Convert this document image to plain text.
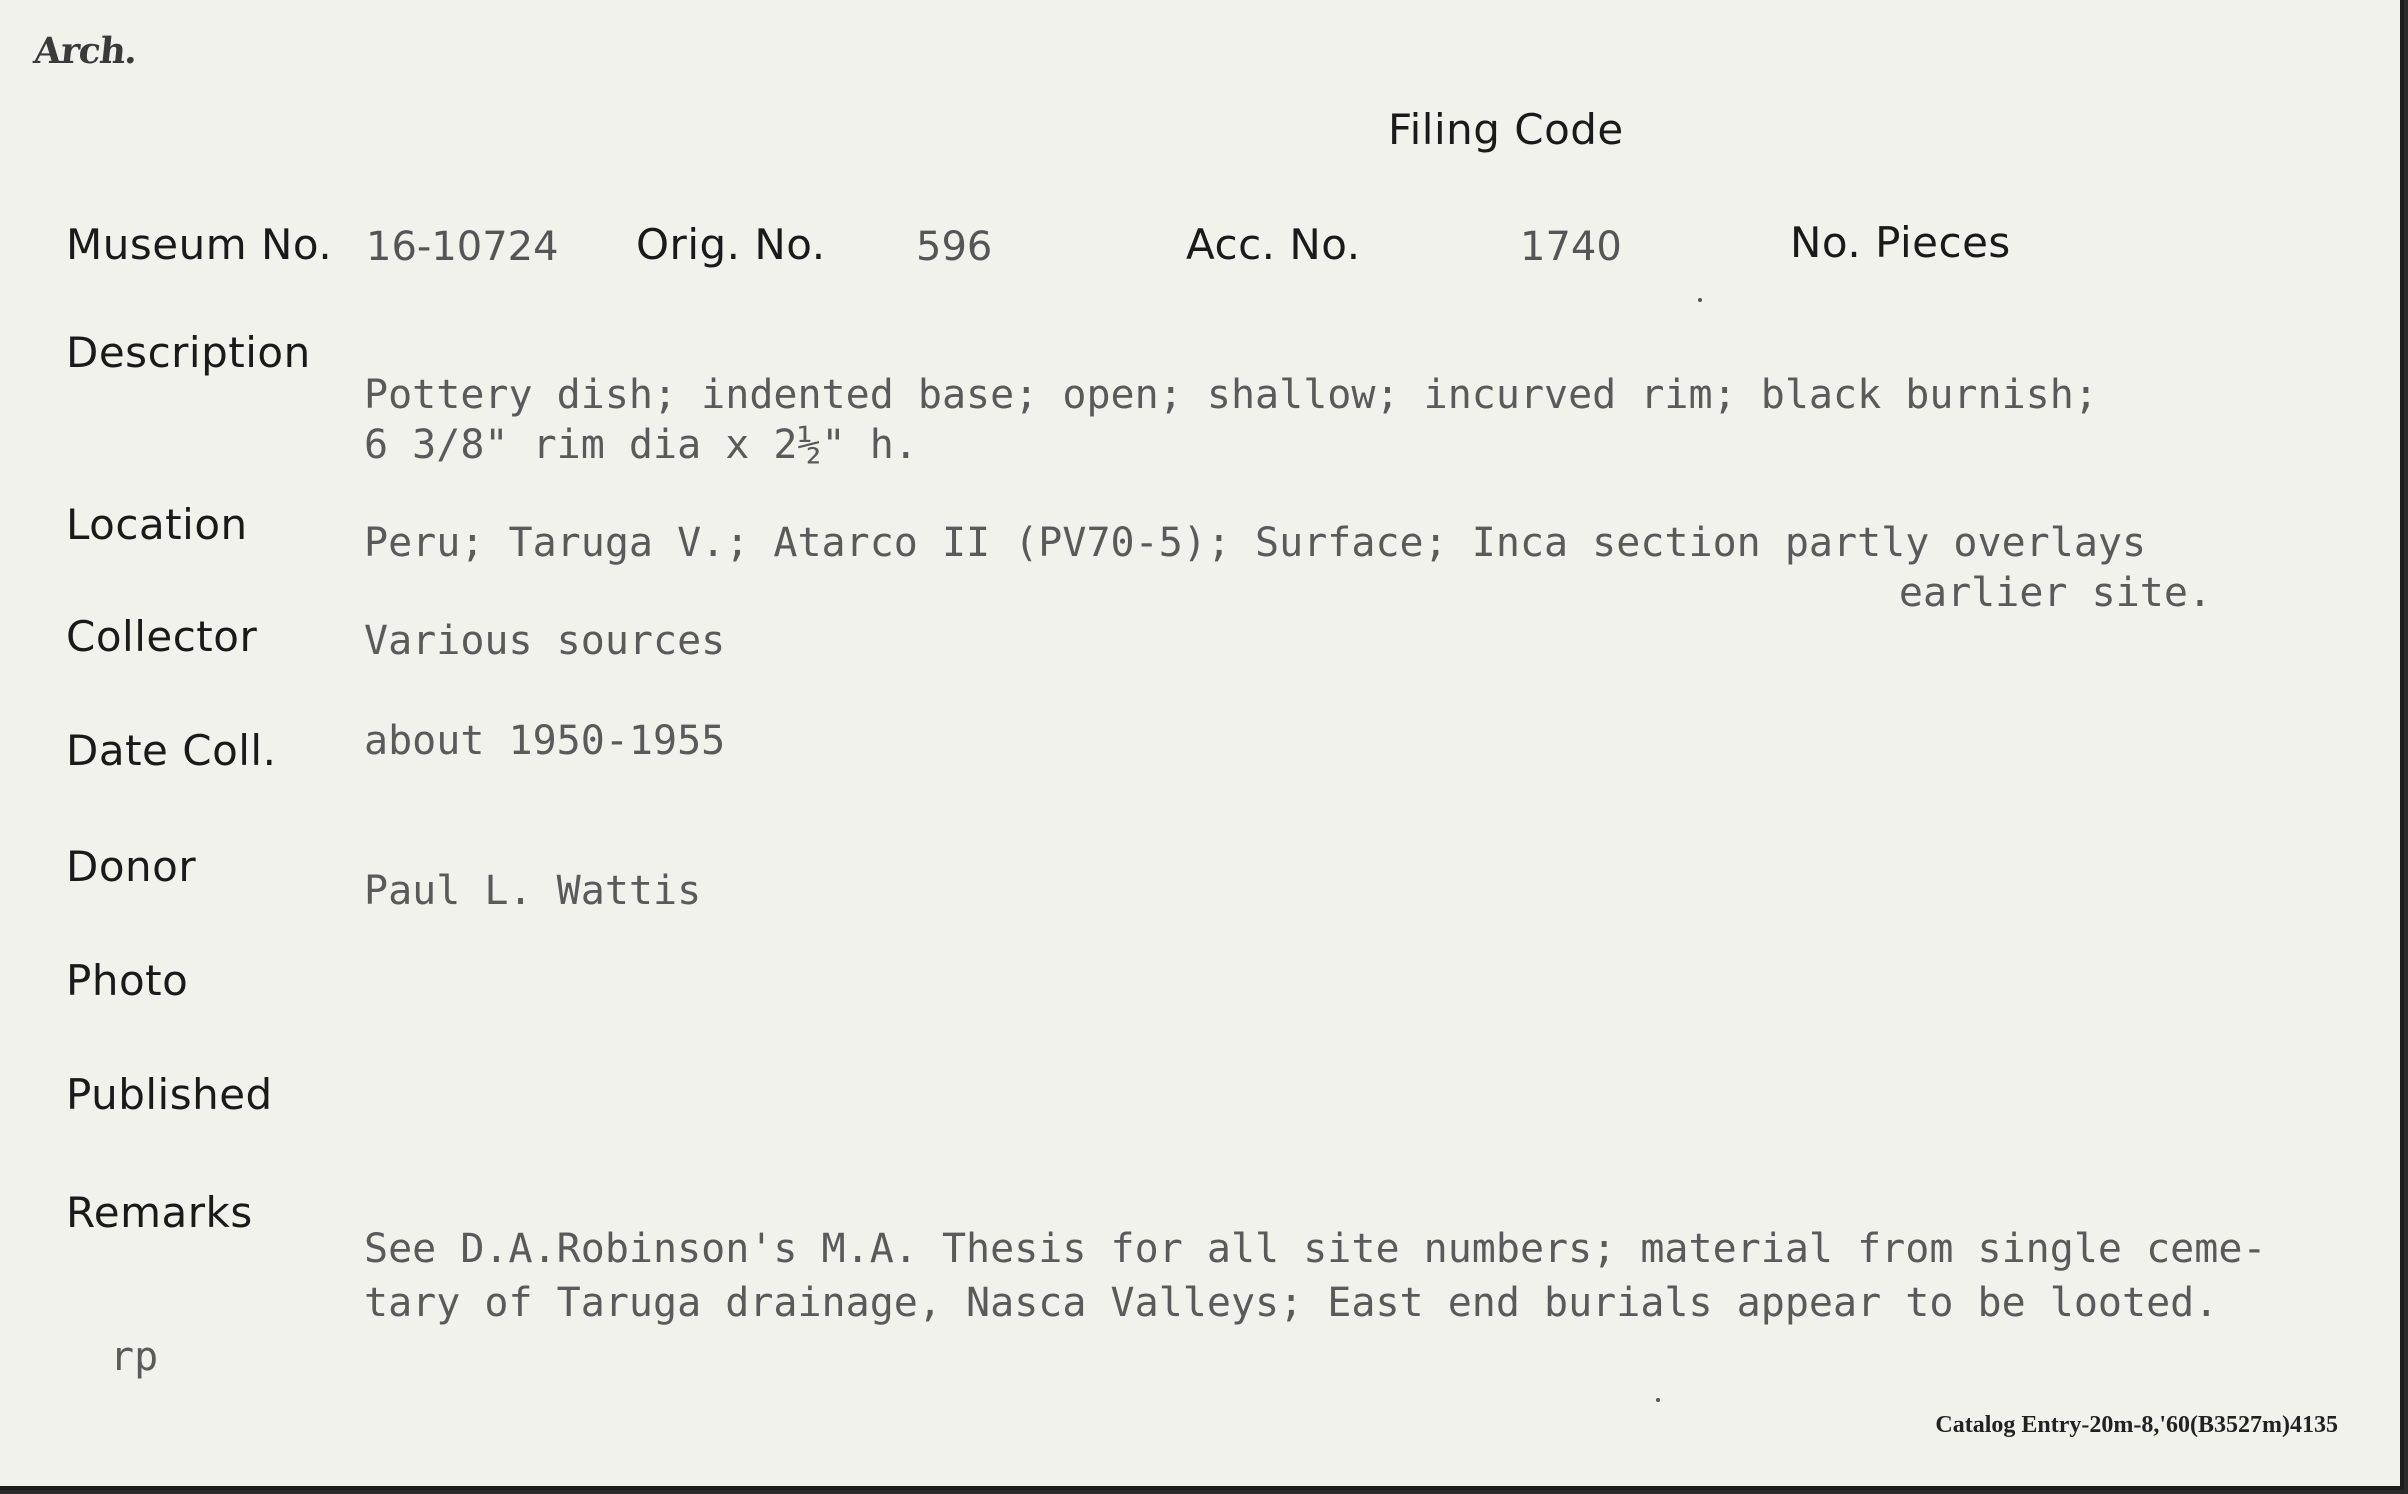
Arch.
Filing Code
Museum No. 16-10724 Orig. No. 596	Acc. No.	1740	No. Pieces
Description
Pottery dish; indented base; open; shallow; incurved rim; black burnish;
6 3/8" rim dia x 2½" h.
Location	Peru; Taruga V.; Atarco II (PV70-5); Surface; Inca section partly overlays
earlier site.
Collector	Various sources
Date Coll. about 1950-1955
Donor	Paul L. Wattis
Photo
Published
Remarks
See D.A.Robinson's M.A. Thesis for all site numbers; material from single ceme-
tary of Taruga drainage, Nasca Valleys; East end burials appear to be looted.
rp
Catalog Entry-20m-8,'60(B3527m)4135
